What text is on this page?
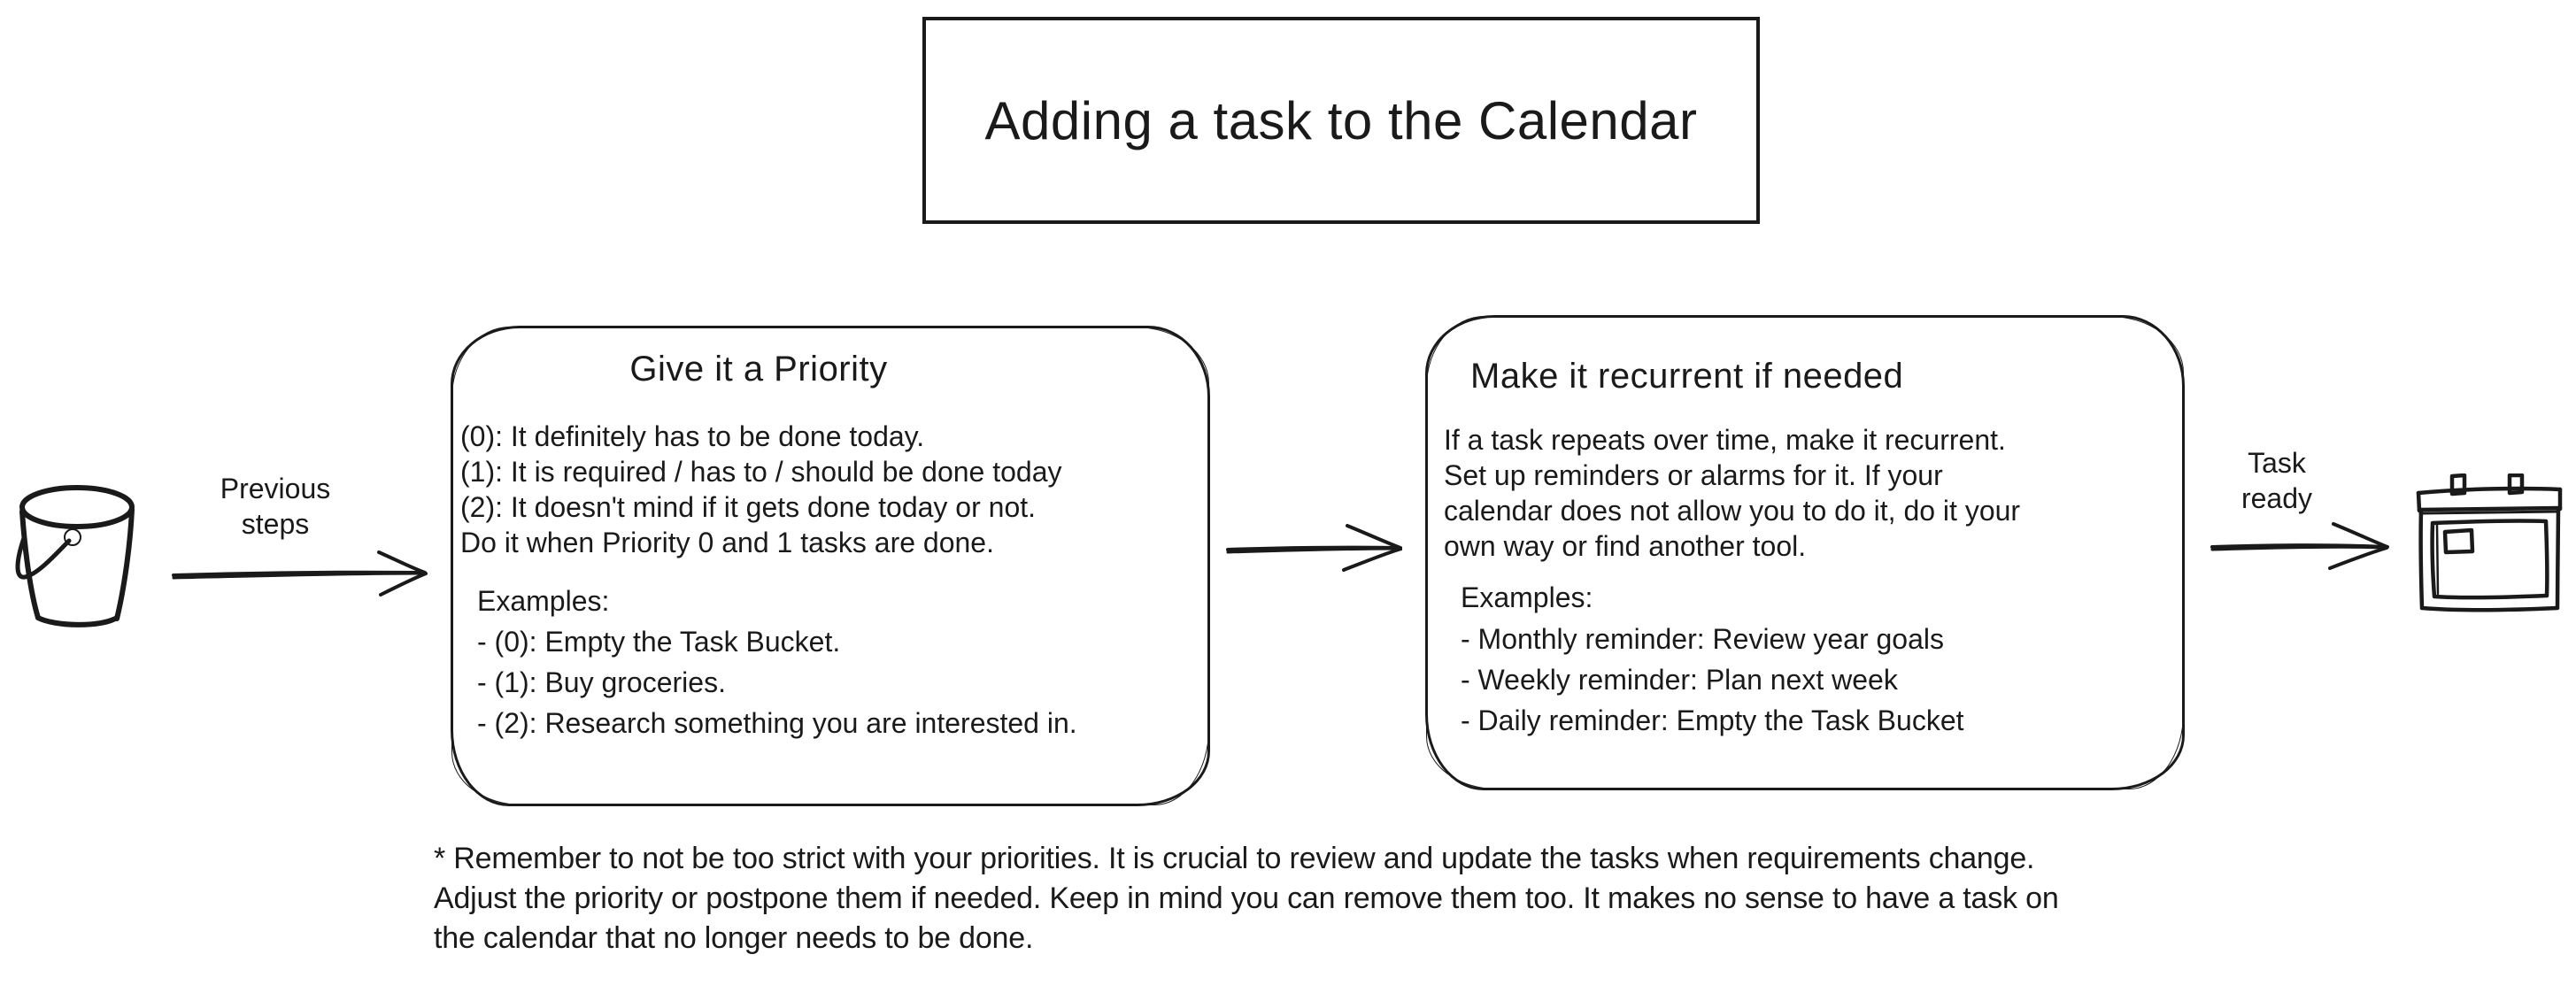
Adding a task to the Calendar
Previous
steps
Give it a Priority
(0): It definitely has to be done today.
(1): It is required / has to / should be done today
(2): It doesn't mind if it gets done today or not.
Do it when Priority 0 and 1 tasks are done.
Examples:
- (0): Empty the Task Bucket.
- (1): Buy groceries.
- (2): Research something you are interested in.
Make it recurrent if needed
If a task repeats over time, make it recurrent.
Set up reminders or alarms for it. If your
calendar does not allow you to do it, do it your
own way or find another tool.
Examples:
- Monthly reminder: Review year goals
- Weekly reminder: Plan next week
- Daily reminder: Empty the Task Bucket
Task
ready
* Remember to not be too strict with your priorities. It is crucial to review and update the tasks when requirements change.
Adjust the priority or postpone them if needed. Keep in mind you can remove them too. It makes no sense to have a task on
the calendar that no longer needs to be done.
